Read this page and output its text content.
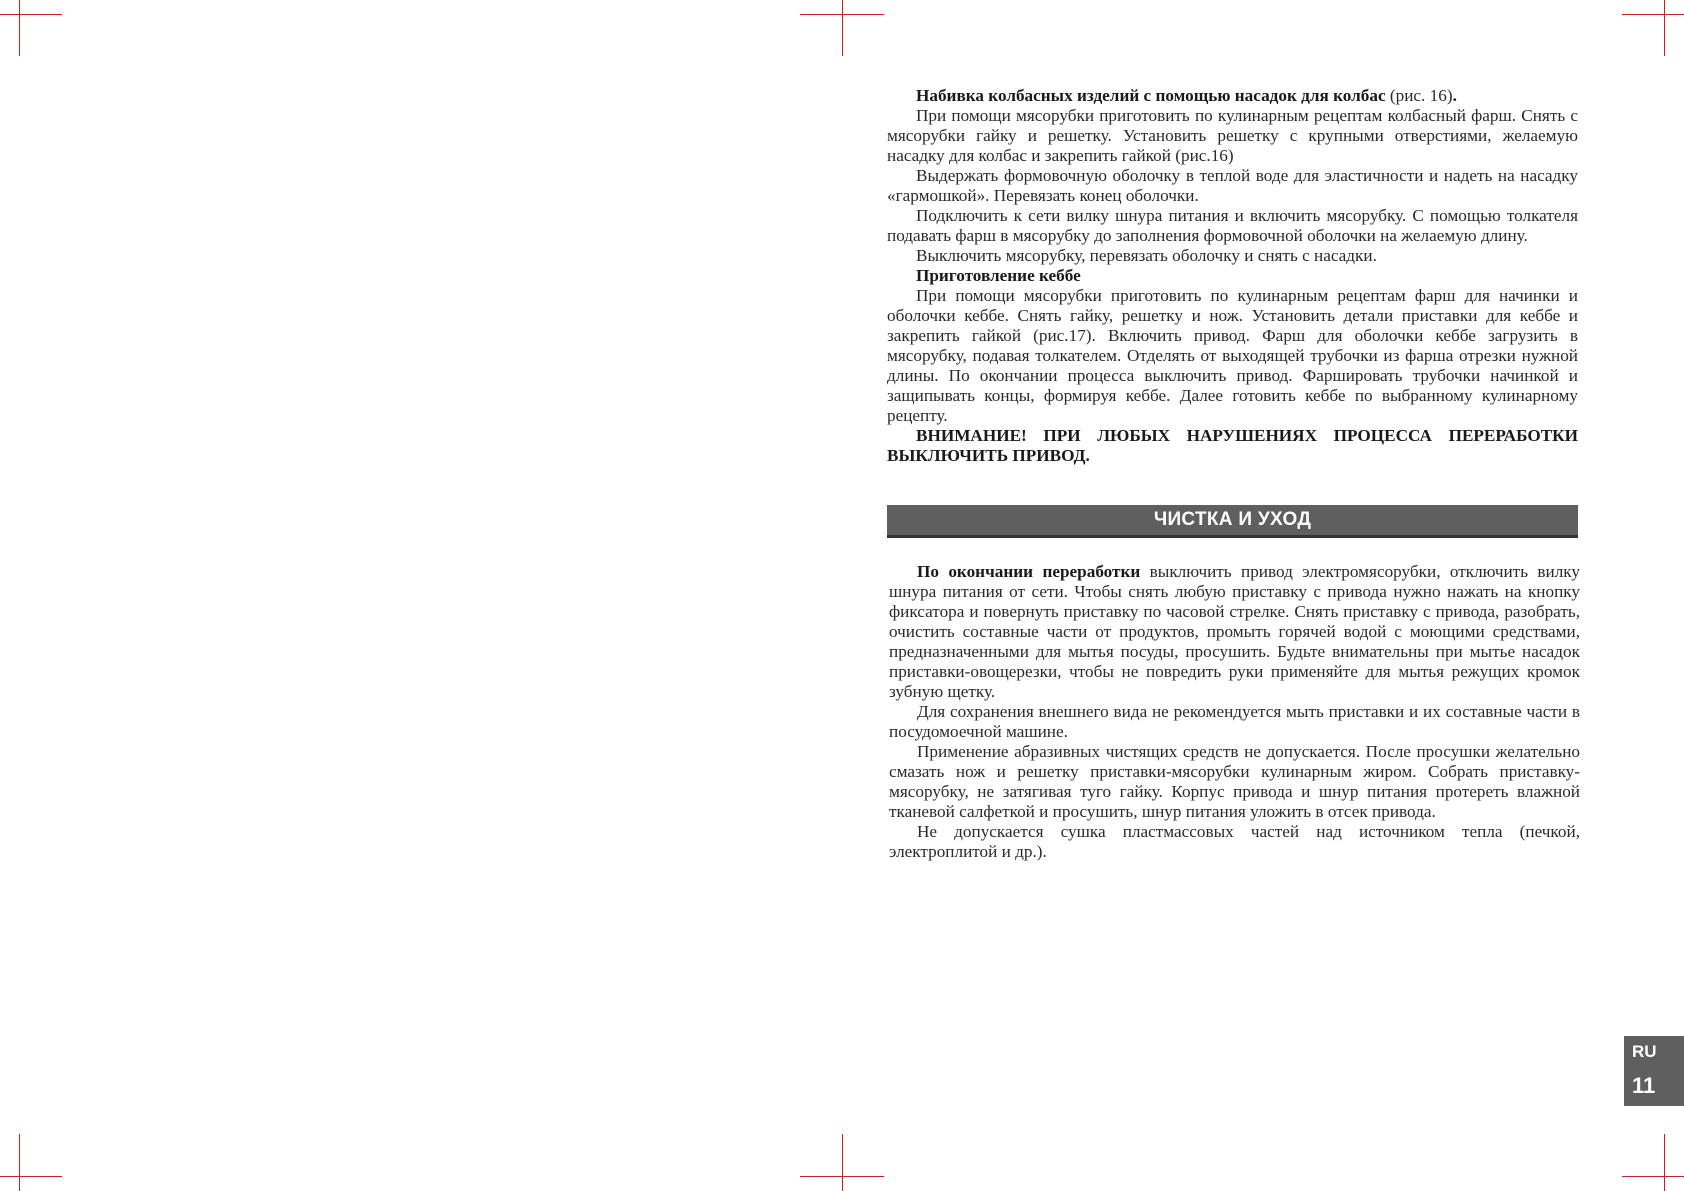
Набивка колбасных изделий с помощью насадок для колбас (рис. 16).

При помощи мясорубки приготовить по кулинарным рецептам колбасный фарш. Снять с мясорубки гайку и решетку. Установить решетку с крупными отверстиями, желаемую насадку для колбас и закрепить гайкой (рис.16)

Выдержать формовочную оболочку в теплой воде для эластичности и надеть на насадку «гармошкой». Перевязать конец оболочки.

Подключить к сети вилку шнура питания и включить мясорубку. С помощью толкателя подавать фарш в мясорубку до заполнения формовочной оболочки на желаемую длину.

Выключить мясорубку, перевязать оболочку и снять с насадки.

Приготовление кеббе

При помощи мясорубки приготовить по кулинарным рецептам фарш для начинки и оболочки кеббе. Снять гайку, решетку и нож. Установить детали приставки для кеббе и закрепить гайкой (рис.17). Включить привод. Фарш для оболочки кеббе загрузить в мясорубку, подавая толкателем. Отделять от выходящей трубочки из фарша отрезки нужной длины. По окончании процесса выключить привод. Фаршировать трубочки начинкой и защипывать концы, формируя кеббе. Далее готовить кеббе по выбранному кулинарному рецепту.

ВНИМАНИЕ! ПРИ ЛЮБЫХ НАРУШЕНИЯХ ПРОЦЕССА ПЕРЕРАБОТКИ ВЫКЛЮЧИТЬ ПРИВОД.

ЧИСТКА И УХОД

По окончании переработки выключить привод электромясорубки, отключить вилку шнура питания от сети. Чтобы снять любую приставку с привода нужно нажать на кнопку фиксатора и повернуть приставку по часовой стрелке. Снять приставку с привода, разобрать, очистить составные части от продуктов, промыть горячей водой с моющими средствами, предназначенными для мытья посуды, просушить. Будьте внимательны при мытье насадок приставки-овощерезки, чтобы не повредить руки применяйте для мытья режущих кромок зубную щетку.

Для сохранения внешнего вида не рекомендуется мыть приставки и их составные части в посудомоечной машине.

Применение абразивных чистящих средств не допускается. После просушки желательно смазать нож и решетку приставки-мясорубки кулинарным жиром. Собрать приставку-мясорубку, не затягивая туго гайку. Корпус привода и шнур питания протереть влажной тканевой салфеткой и просушить, шнур питания уложить в отсек привода.

Не допускается сушка пластмассовых частей над источником тепла (печкой, электроплитой и др.).

RU
11
